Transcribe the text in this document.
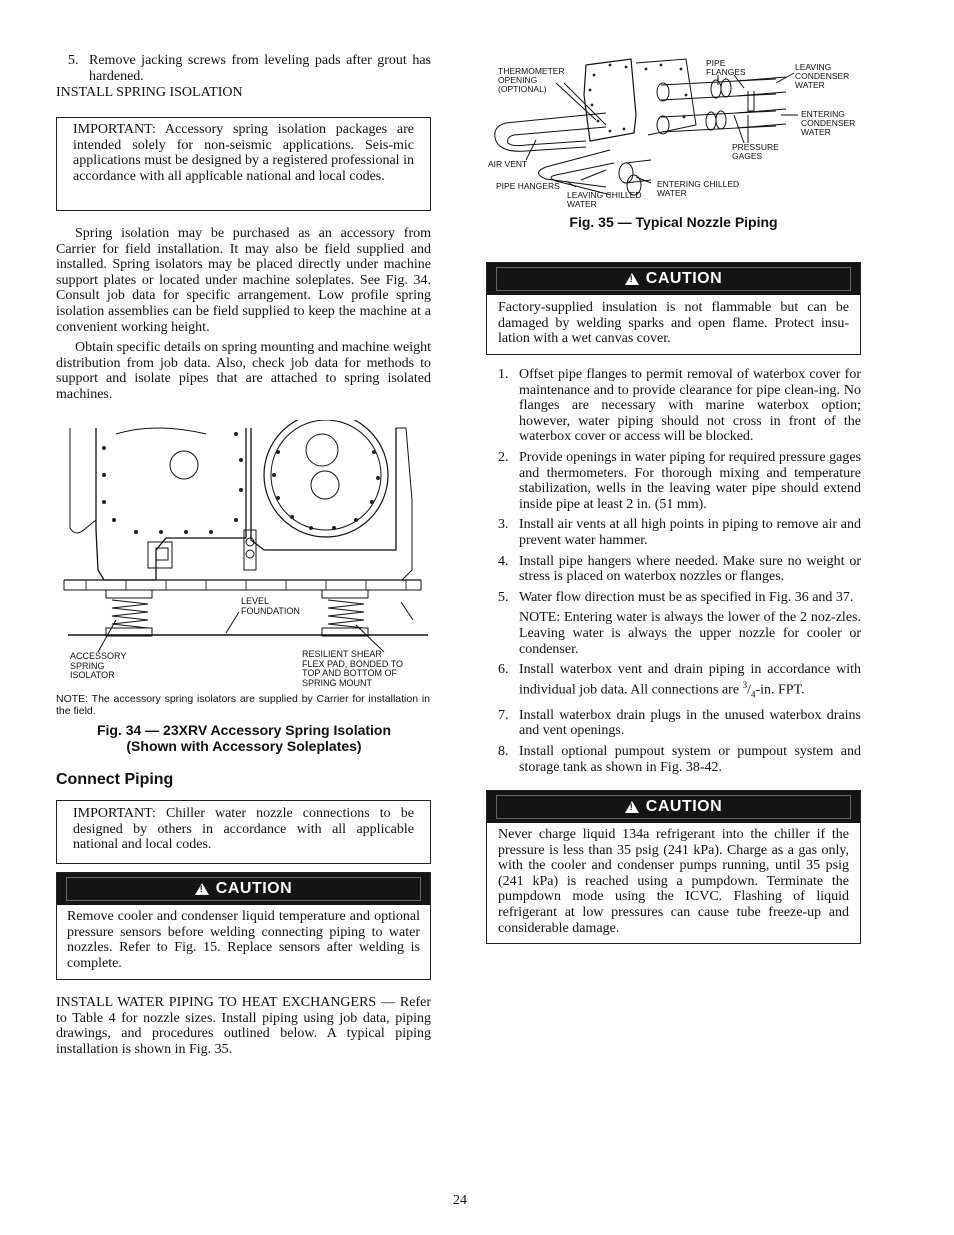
5. Remove jacking screws from leveling pads after grout has hardened.
INSTALL SPRING ISOLATION
IMPORTANT: Accessory spring isolation packages are intended solely for non-seismic applications. Seis-mic applications must be designed by a registered professional in accordance with all applicable national and local codes.

Spring isolation may be purchased as an accessory from Carrier for field installation. It may also be field supplied and installed. Spring isolators may be placed directly under machine support plates or located under machine soleplates. See Fig. 34. Consult job data for specific arrangement. Low profile spring isolation assemblies can be field supplied to keep the machine at a convenient working height.

Obtain specific details on spring mounting and machine weight distribution from job data. Also, check job data for methods to support and isolate pipes that are attached to spring isolated machines.

LEVEL
FOUNDATION
ACCESSORY
SPRING
ISOLATOR
RESILIENT SHEAR
FLEX PAD, BONDED TO
TOP AND BOTTOM OF
SPRING MOUNT
NOTE: The accessory spring isolators are supplied by Carrier for installation in the field.
Fig. 34 — 23XRV Accessory Spring Isolation
(Shown with Accessory Soleplates)
Connect Piping
IMPORTANT: Chiller water nozzle connections to be designed by others in accordance with all applicable national and local codes.
!
CAUTION
Remove cooler and condenser liquid temperature and optional pressure sensors before welding connecting piping to water nozzles. Refer to Fig. 15. Replace sensors after welding is complete.
INSTALL WATER PIPING TO HEAT EXCHANGERS — Refer to Table 4 for nozzle sizes. Install piping using job data, piping drawings, and procedures outlined below. A typical piping installation is shown in Fig. 35.
THERMOMETER
OPENING
(OPTIONAL)
PIPE
FLANGES	LEAVING
CONDENSER
WATER
ENTERING
CONDENSER
WATER
AIR VENT
PRESSURE
GAGES
PIPE HANGERS
LEAVING CHILLED
WATER
ENTERING CHILLED
WATER
Fig. 35 — Typical Nozzle Piping
!
CAUTION
Factory-supplied insulation is not flammable but can be damaged by welding sparks and open flame. Protect insu-lation with a wet canvas cover.
1. Offset pipe flanges to permit removal of waterbox cover for maintenance and to provide clearance for pipe clean-ing. No flanges are necessary with marine waterbox option; however, water piping should not cross in front of the waterbox cover or access will be blocked.
2. Provide openings in water piping for required pressure gages and thermometers. For thorough mixing and temperature stabilization, wells in the leaving water pipe should extend inside pipe at least 2 in. (51 mm).
3. Install air vents at all high points in piping to remove air and prevent water hammer.
4. Install pipe hangers where needed. Make sure no weight or stress is placed on waterbox nozzles or flanges.
5. Water flow direction must be as specified in Fig. 36 and 37.
NOTE: Entering water is always the lower of the 2 noz-zles. Leaving water is always the upper nozzle for cooler or condenser.
6. Install waterbox vent and drain piping in accordance with individual job data. All connections are $^3/_4-in$. FPT.
7. Install waterbox drain plugs in the unused waterbox drains and vent openings.
8. Install optional pumpout system or pumpout system and storage tank as shown in Fig. 38-42.
!
CAUTION
Never charge liquid 134a refrigerant into the chiller if the pressure is less than 35 psig (241 kPa). Charge as a gas only, with the cooler and condenser pumps running, until 35 psig (241 kPa) is reached using a pumpdown. Terminate the pumpdown mode using the ICVC. Flashing of liquid refrigerant at low pressures can cause tube freeze-up and considerable damage.
24
